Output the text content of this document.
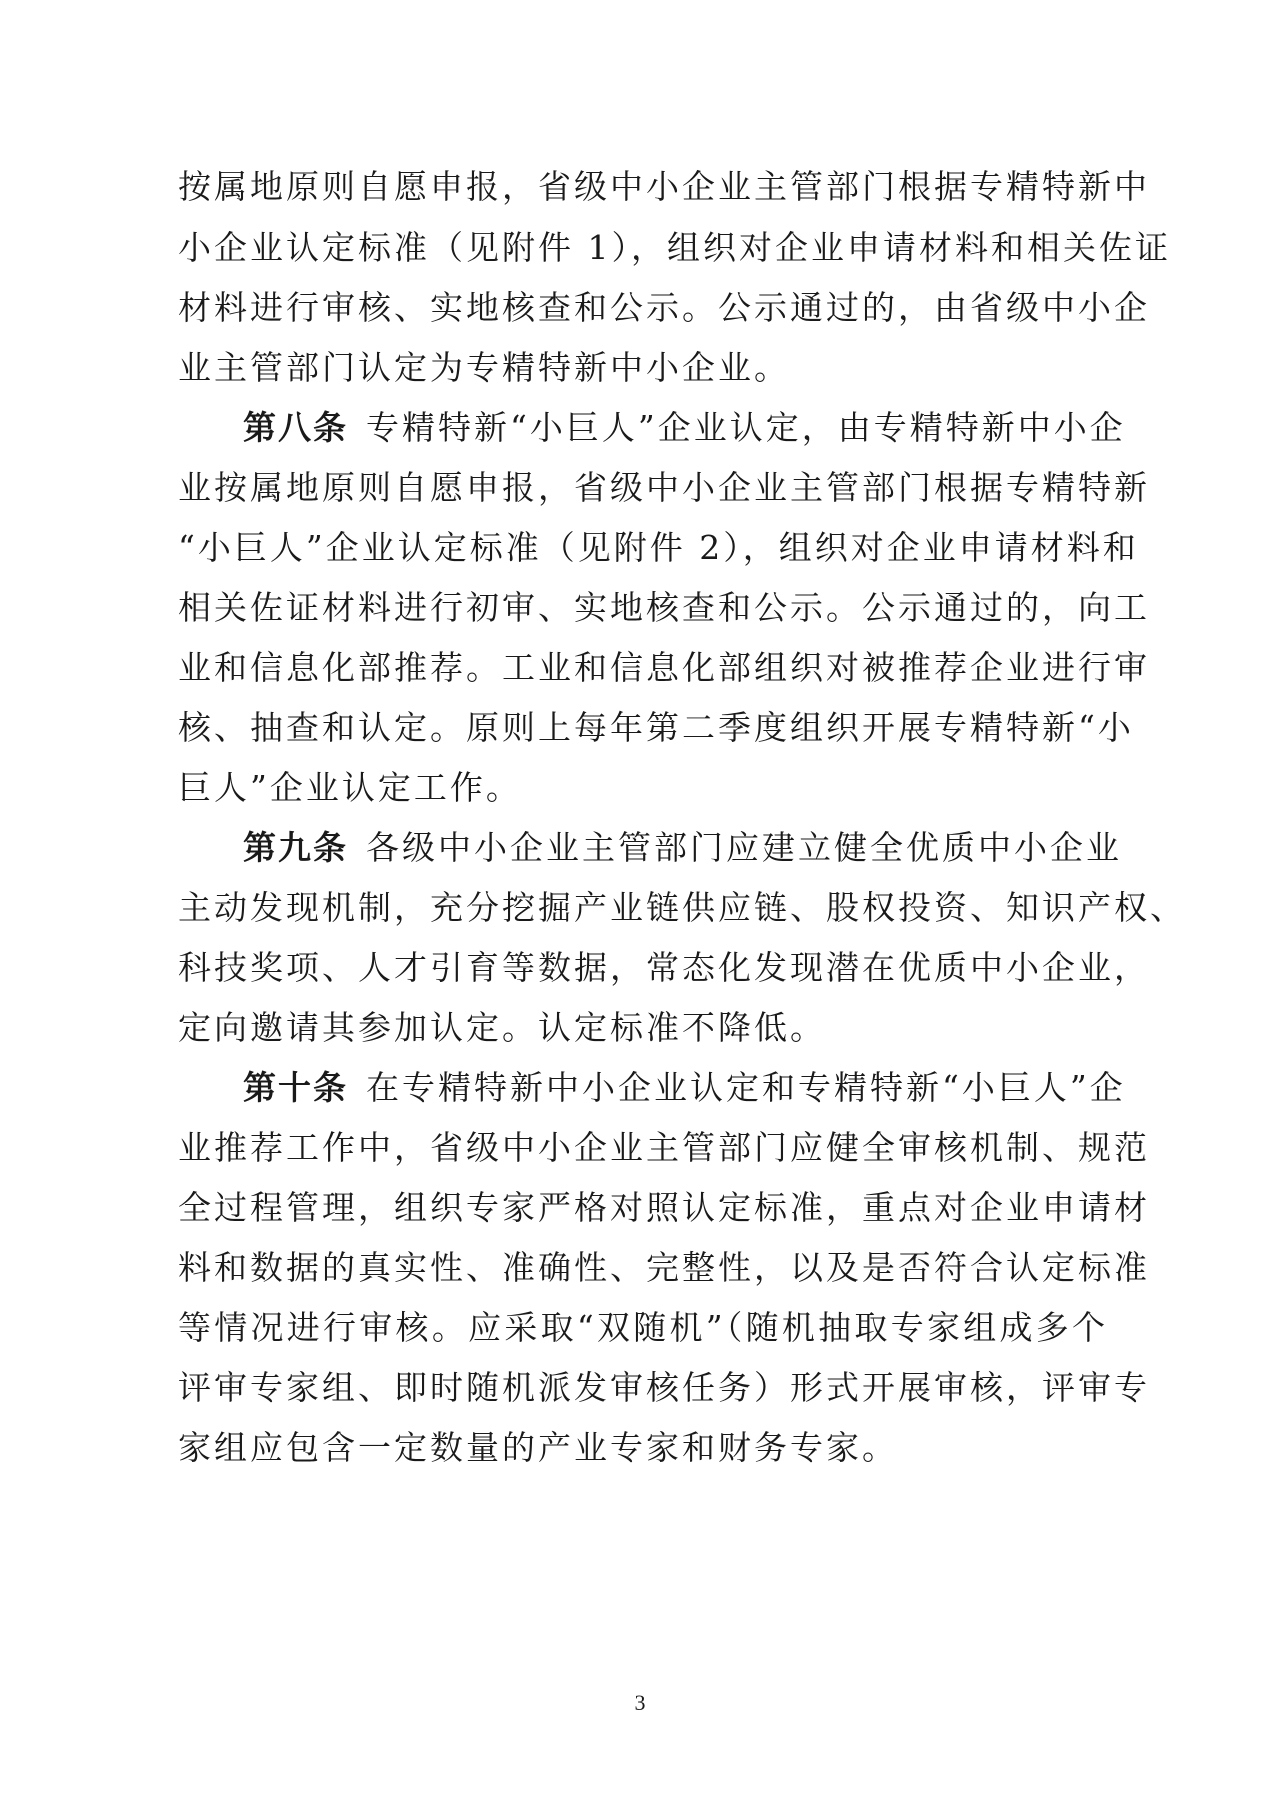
按属地原则自愿申报，省级中小企业主管部门根据专精特新中
小企业认定标准（见附件 1），组织对企业申请材料和相关佐证
材料进行审核、实地核查和公示。公示通过的，由省级中小企
业主管部门认定为专精特新中小企业。
第八条 专精特新“小巨人”企业认定，由专精特新中小企
业按属地原则自愿申报，省级中小企业主管部门根据专精特新
“小巨人”企业认定标准（见附件 2），组织对企业申请材料和
相关佐证材料进行初审、实地核查和公示。公示通过的，向工
业和信息化部推荐。工业和信息化部组织对被推荐企业进行审
核、抽查和认定。原则上每年第二季度组织开展专精特新“小
巨人”企业认定工作。
第九条 各级中小企业主管部门应建立健全优质中小企业
主动发现机制，充分挖掘产业链供应链、股权投资、知识产权、
科技奖项、人才引育等数据，常态化发现潜在优质中小企业，
定向邀请其参加认定。认定标准不降低。
第十条 在专精特新中小企业认定和专精特新“小巨人”企
业推荐工作中，省级中小企业主管部门应健全审核机制、规范
全过程管理，组织专家严格对照认定标准，重点对企业申请材
料和数据的真实性、准确性、完整性，以及是否符合认定标准
等情况进行审核。应采取“双随机”（随机抽取专家组成多个
评审专家组、即时随机派发审核任务）形式开展审核，评审专
家组应包含一定数量的产业专家和财务专家。
3
